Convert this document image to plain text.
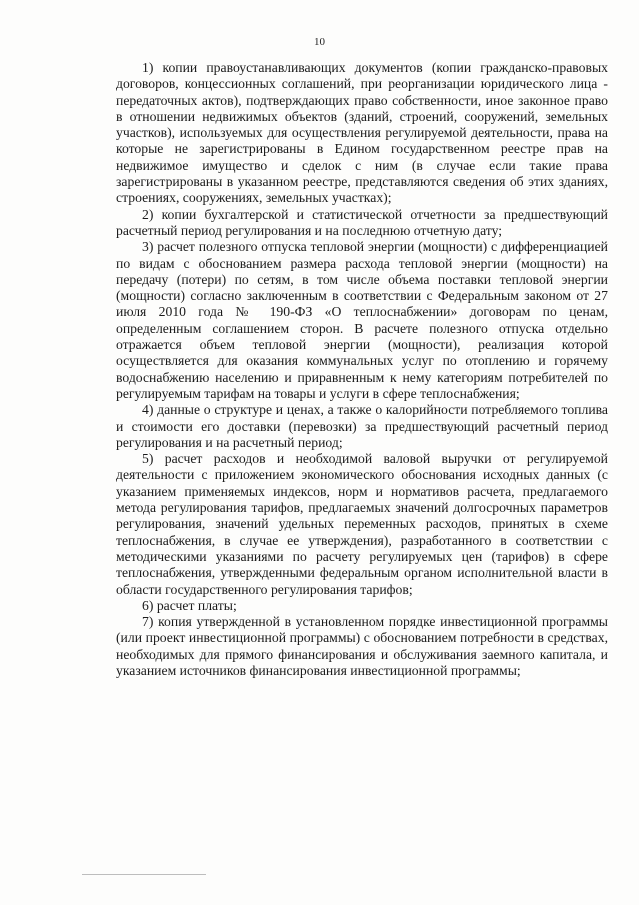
10

1) копии правоустанавливающих документов (копии гражданско-правовых договоров, концессионных соглашений, при реорганизации юридического лица - передаточных актов), подтверждающих право собственности, иное законное право в отношении недвижимых объектов (зданий, строений, сооружений, земельных участков), используемых для осуществления регулируемой деятельности, права на которые не зарегистрированы в Едином государственном реестре прав на недвижимое имущество и сделок с ним (в случае если такие права зарегистрированы в указанном реестре, представляются сведения об этих зданиях, строениях, сооружениях, земельных участках);

2) копии бухгалтерской и статистической отчетности за предшествующий расчетный период регулирования и на последнюю отчетную дату;

3) расчет полезного отпуска тепловой энергии (мощности) с дифференциацией по видам с обоснованием размера расхода тепловой энергии (мощности) на передачу (потери) по сетям, в том числе объема поставки тепловой энергии (мощности) согласно заключенным в соответствии с Федеральным законом от 27 июля 2010 года № 190-ФЗ «О теплоснабжении» договорам по ценам, определенным соглашением сторон. В расчете полезного отпуска отдельно отражается объем тепловой энергии (мощности), реализация которой осуществляется для оказания коммунальных услуг по отоплению и горячему водоснабжению населению и приравненным к нему категориям потребителей по регулируемым тарифам на товары и услуги в сфере теплоснабжения;

4) данные о структуре и ценах, а также о калорийности потребляемого топлива и стоимости его доставки (перевозки) за предшествующий расчетный период регулирования и на расчетный период;

5) расчет расходов и необходимой валовой выручки от регулируемой деятельности с приложением экономического обоснования исходных данных (с указанием применяемых индексов, норм и нормативов расчета, предлагаемого метода регулирования тарифов, предлагаемых значений долгосрочных параметров регулирования, значений удельных переменных расходов, принятых в схеме теплоснабжения, в случае ее утверждения), разработанного в соответствии с методическими указаниями по расчету регулируемых цен (тарифов) в сфере теплоснабжения, утвержденными федеральным органом исполнительной власти в области государственного регулирования тарифов;

6) расчет платы;

7) копия утвержденной в установленном порядке инвестиционной программы (или проект инвестиционной программы) с обоснованием потребности в средствах, необходимых для прямого финансирования и обслуживания заемного капитала, и указанием источников финансирования инвестиционной программы;
